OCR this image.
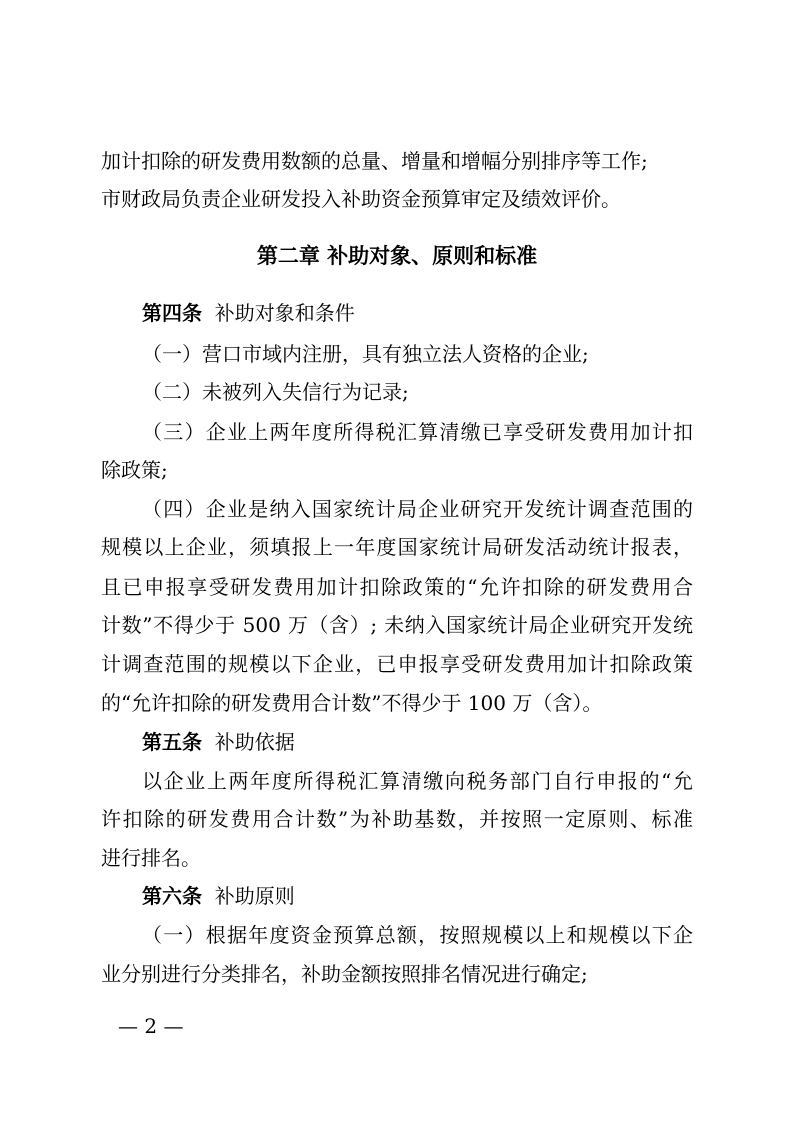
加计扣除的研发费用数额的总量、增量和增幅分别排序等工作;
市财政局负责企业研发投入补助资金预算审定及绩效评价。
第二章 补助对象、原则和标准
第四条 补助对象和条件
（一）营口市域内注册，具有独立法人资格的企业;
（二）未被列入失信行为记录;
（三）企业上两年度所得税汇算清缴已享受研发费用加计扣
除政策;
（四）企业是纳入国家统计局企业研究开发统计调查范围的
规模以上企业，须填报上一年度国家统计局研发活动统计报表，
且已申报享受研发费用加计扣除政策的“允许扣除的研发费用合
计数”不得少于 500 万（含）; 未纳入国家统计局企业研究开发统
计调查范围的规模以下企业，已申报享受研发费用加计扣除政策
的“允许扣除的研发费用合计数”不得少于 100 万（含）。
第五条 补助依据
以企业上两年度所得税汇算清缴向税务部门自行申报的“允
许扣除的研发费用合计数”为补助基数，并按照一定原则、标准
进行排名。
第六条 补助原则
（一）根据年度资金预算总额，按照规模以上和规模以下企
业分别进行分类排名，补助金额按照排名情况进行确定;
— 2 —
